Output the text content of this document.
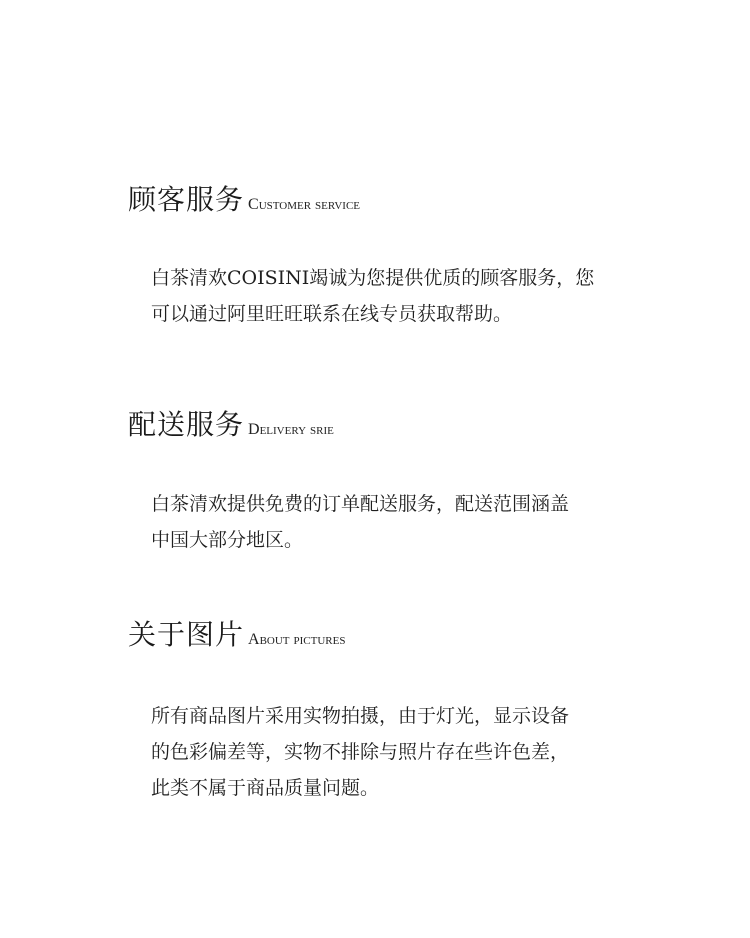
顾客服务 Customer service
白茶清欢COISINI竭诚为您提供优质的顾客服务，您
可以通过阿里旺旺联系在线专员获取帮助。
配送服务 Delivery srie
白茶清欢提供免费的订单配送服务，配送范围涵盖
中国大部分地区。
关于图片 About pictures
所有商品图片采用实物拍摄，由于灯光，显示设备
的色彩偏差等，实物不排除与照片存在些许色差，
此类不属于商品质量问题。
